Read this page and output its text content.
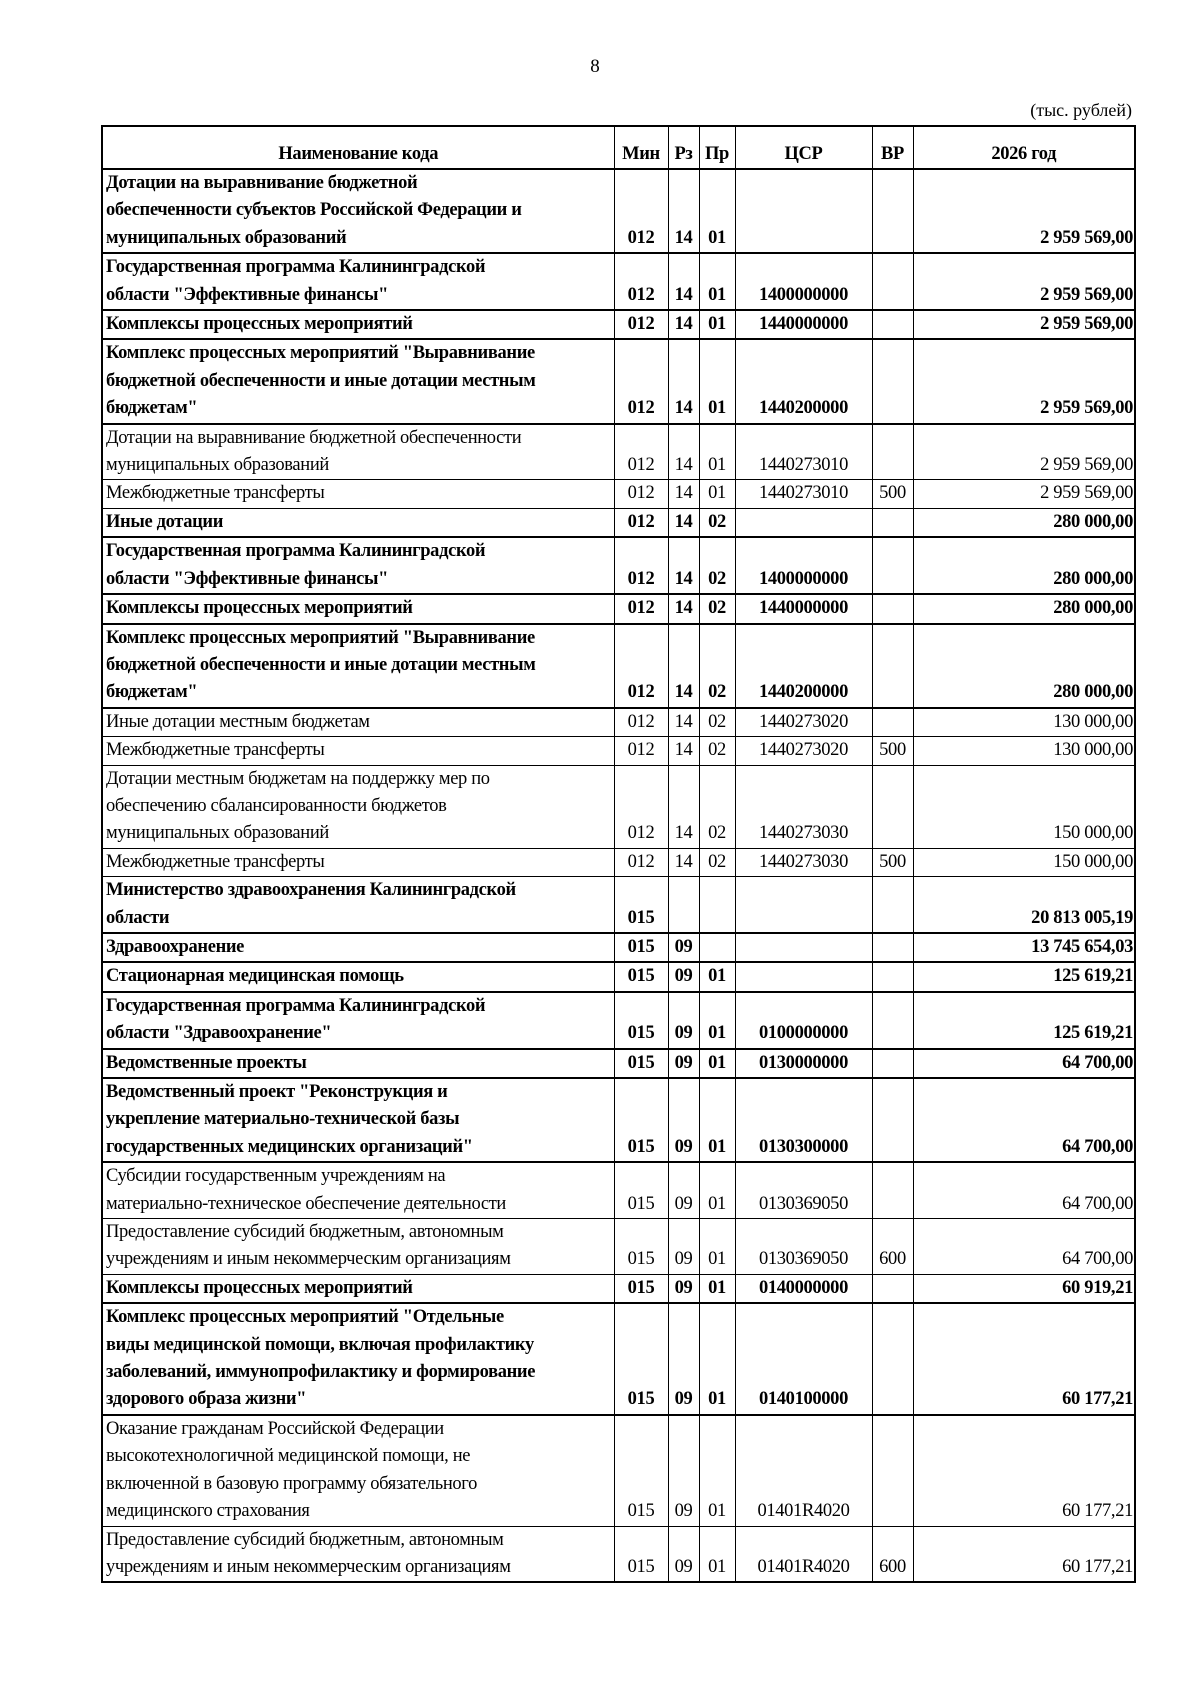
8
(тыс. рублей)
Наименование кода	Мин	Рз	Пр	ЦСР	ВР	2026 год
Дотации на выравнивание бюджетной
обеспеченности субъектов Российской Федерации и
муниципальных образований	012	14	01			2 959 569,00
Государственная программа Калининградской
области "Эффективные финансы"	012	14	01	1400000000		2 959 569,00
Комплексы процессных мероприятий	012	14	01	1440000000		2 959 569,00
Комплекс процессных мероприятий "Выравнивание
бюджетной обеспеченности и иные дотации местным
бюджетам"	012	14	01	1440200000		2 959 569,00
Дотации на выравнивание бюджетной обеспеченности
муниципальных образований	012	14	01	1440273010		2 959 569,00
Межбюджетные трансферты	012	14	01	1440273010	500	2 959 569,00
Иные дотации	012	14	02			280 000,00
Государственная программа Калининградской
области "Эффективные финансы"	012	14	02	1400000000		280 000,00
Комплексы процессных мероприятий	012	14	02	1440000000		280 000,00
Комплекс процессных мероприятий "Выравнивание
бюджетной обеспеченности и иные дотации местным
бюджетам"	012	14	02	1440200000		280 000,00
Иные дотации местным бюджетам	012	14	02	1440273020		130 000,00
Межбюджетные трансферты	012	14	02	1440273020	500	130 000,00
Дотации местным бюджетам на поддержку мер по
обеспечению сбалансированности бюджетов
муниципальных образований	012	14	02	1440273030		150 000,00
Межбюджетные трансферты	012	14	02	1440273030	500	150 000,00
Министерство здравоохранения Калининградской
области	015					20 813 005,19
Здравоохранение	015	09				13 745 654,03
Стационарная медицинская помощь	015	09	01			125 619,21
Государственная программа Калининградской
области "Здравоохранение"	015	09	01	0100000000		125 619,21
Ведомственные проекты	015	09	01	0130000000		64 700,00
Ведомственный проект "Реконструкция и
укрепление материально-технической базы
государственных медицинских организаций"	015	09	01	0130300000		64 700,00
Субсидии государственным учреждениям на
материально-техническое обеспечение деятельности	015	09	01	0130369050		64 700,00
Предоставление субсидий бюджетным, автономным
учреждениям и иным некоммерческим организациям	015	09	01	0130369050	600	64 700,00
Комплексы процессных мероприятий	015	09	01	0140000000		60 919,21
Комплекс процессных мероприятий "Отдельные
виды медицинской помощи, включая профилактику
заболеваний, иммунопрофилактику и формирование
здорового образа жизни"	015	09	01	0140100000		60 177,21
Оказание гражданам Российской Федерации
высокотехнологичной медицинской помощи, не
включенной в базовую программу обязательного
медицинского страхования	015	09	01	01401R4020		60 177,21
Предоставление субсидий бюджетным, автономным
учреждениям и иным некоммерческим организациям	015	09	01	01401R4020	600	60 177,21
